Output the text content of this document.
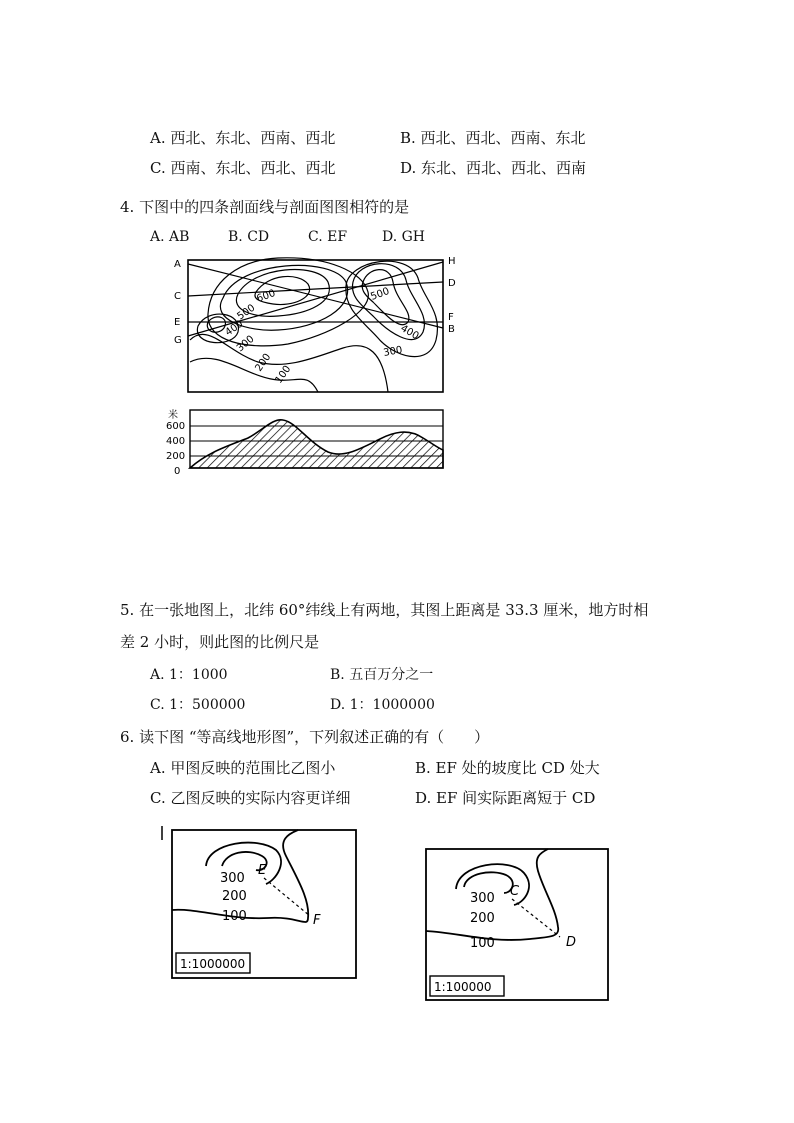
A. 西北、东北、西南、西北	B. 西北、西北、西南、东北
C. 西南、东北、西北、西北	D. 东北、西北、西北、西南
4. 下图中的四条剖面线与剖面图图相符的是
A. AB	B. CD	C. EF D. GH
A
C
E
G
H
D
F
B
600
500
400
300
200
100
500
400
300
米
600
400
200
0
5. 在一张地图上，北纬 60°纬线上有两地，其图上距离是 33.3 厘米，地方时相
差 2 小时，则此图的比例尺是
A. 1：1000	B. 五百万分之一
C. 1：500000	D. 1：1000000
6. 读下图 “等高线地形图”，下列叙述正确的有（　　）
A. 甲图反映的范围比乙图小	B. EF 处的坡度比 CD 处大
C. 乙图反映的实际内容更详细	D. EF 间实际距离短于 CD
300
200
100
E
F
1:1000000
300
200
100
C
D
1:100000
